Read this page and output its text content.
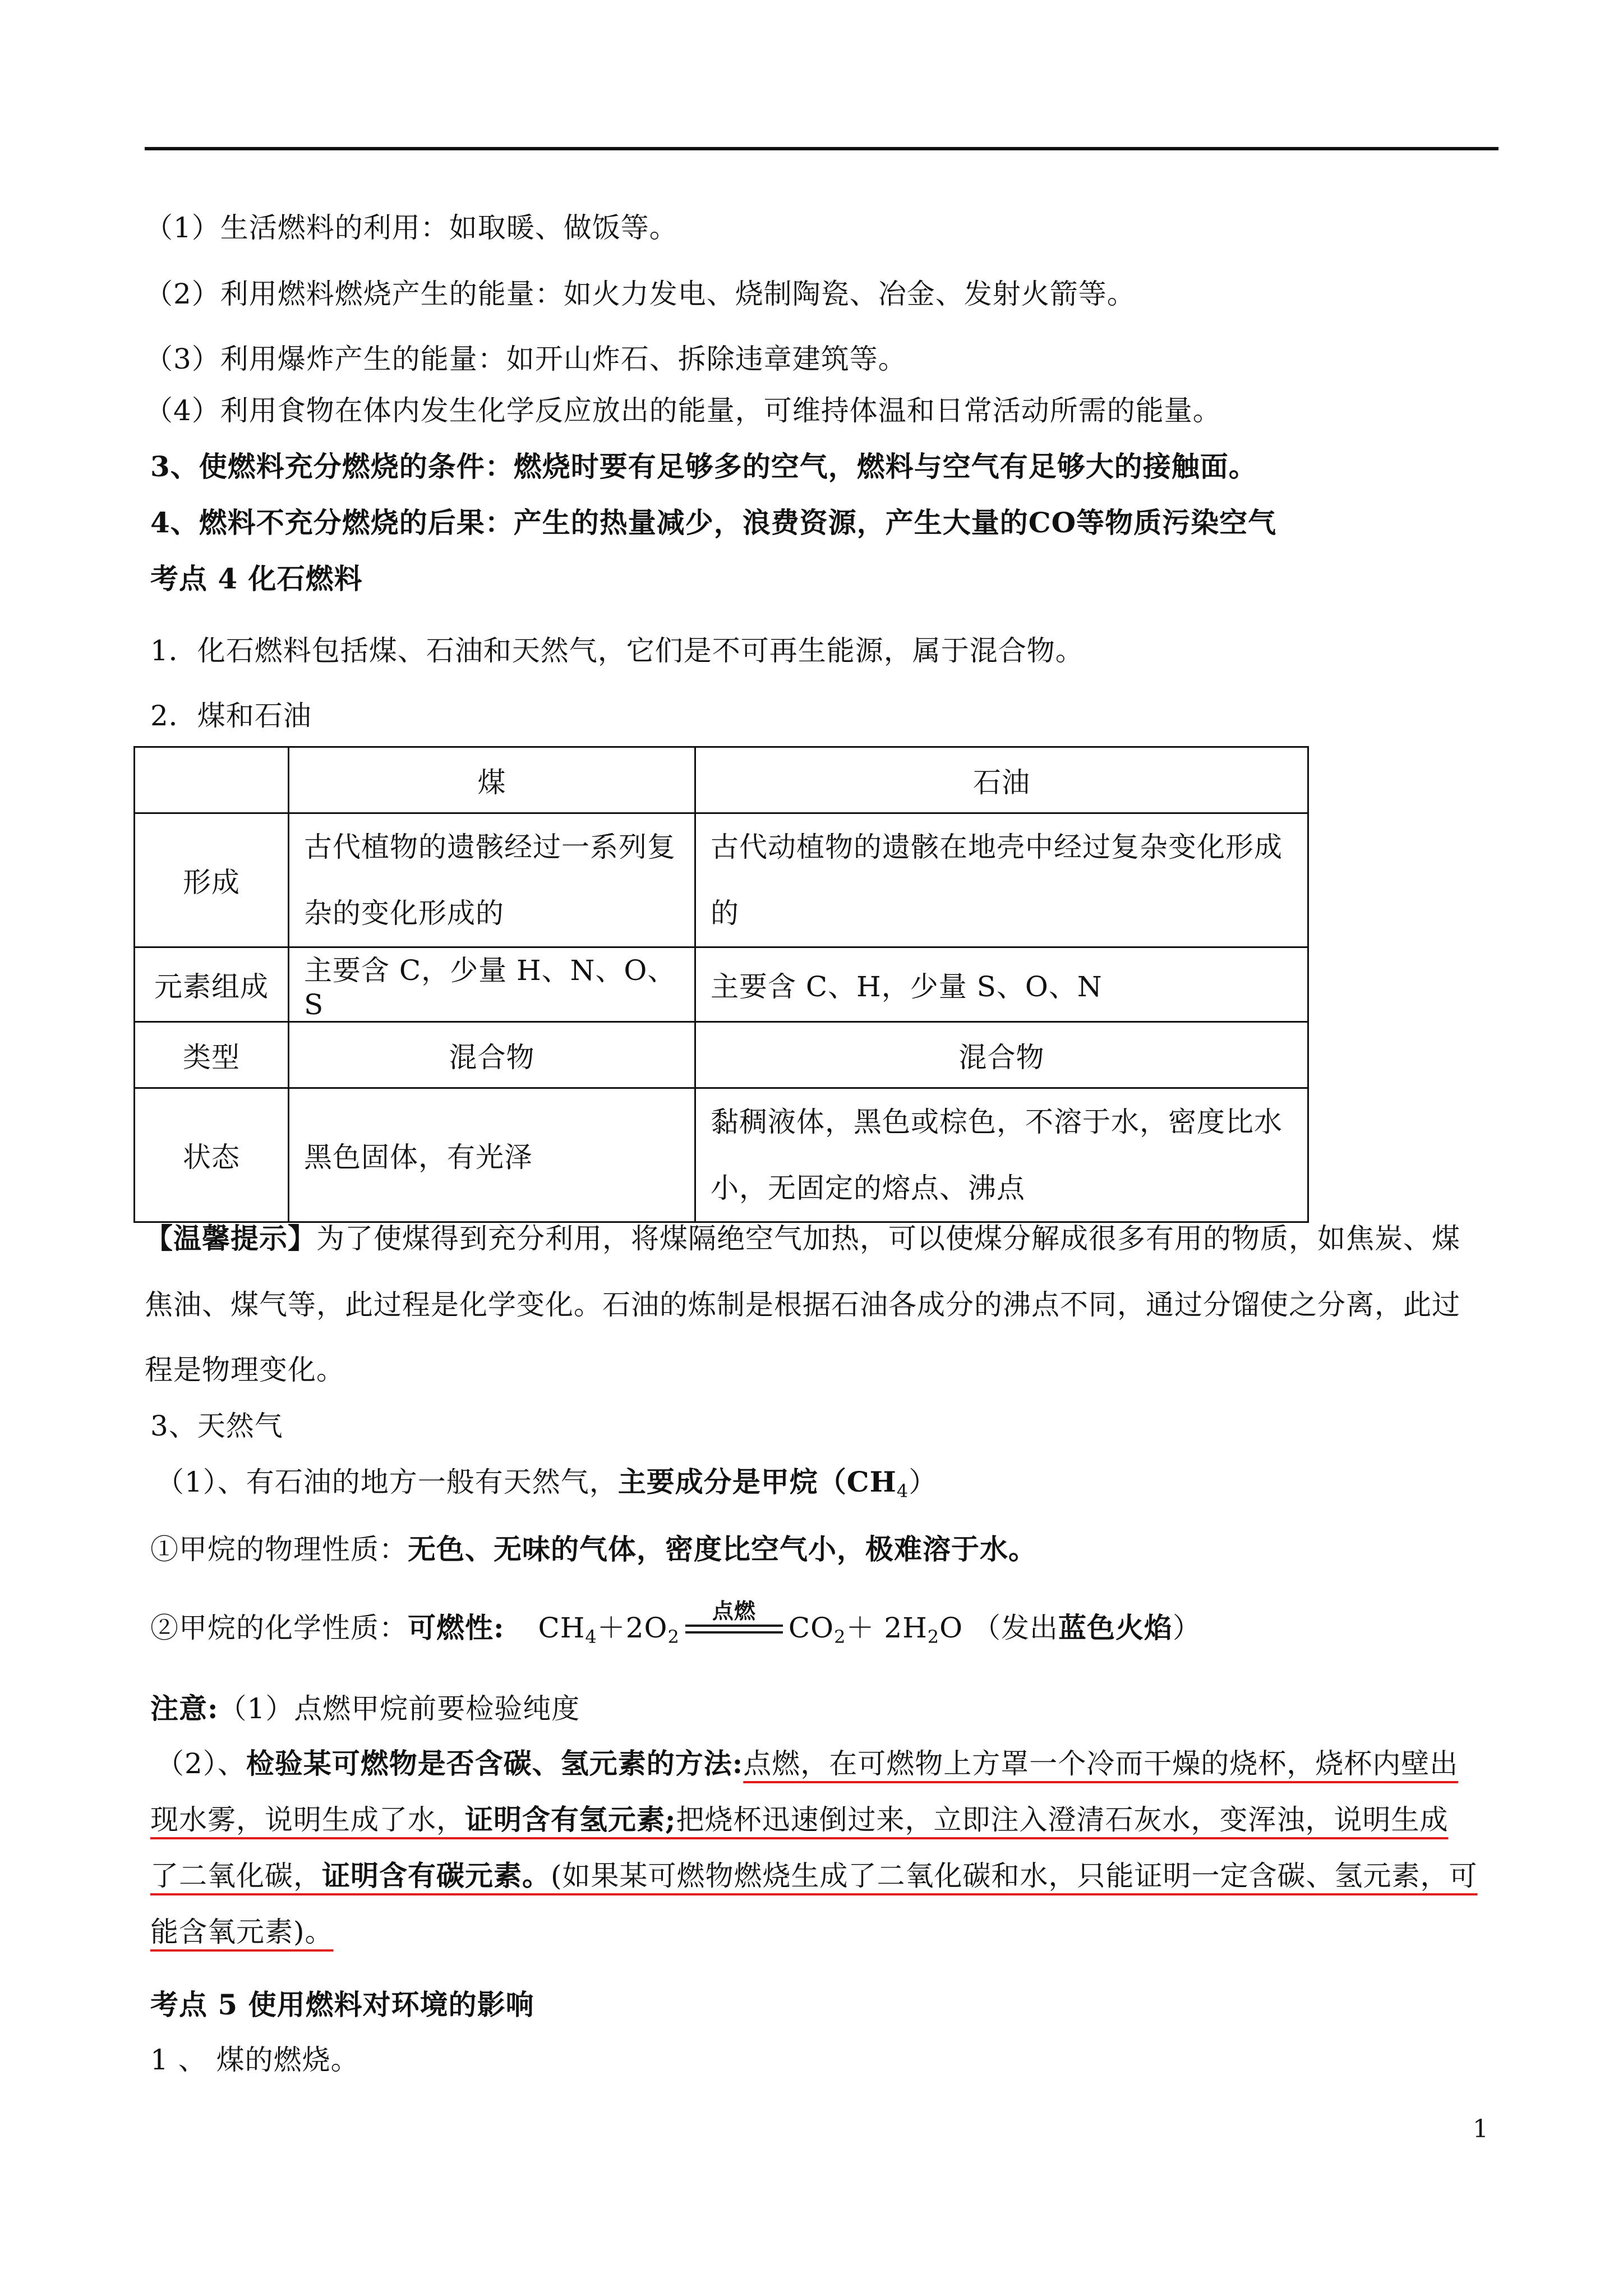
（1）生活燃料的利用：如取暖、做饭等。
（2）利用燃料燃烧产生的能量：如火力发电、烧制陶瓷、冶金、发射火箭等。
（3）利用爆炸产生的能量：如开山炸石、拆除违章建筑等。
（4）利用食物在体内发生化学反应放出的能量，可维持体温和日常活动所需的能量。
3、使燃料充分燃烧的条件：燃烧时要有足够多的空气，燃料与空气有足够大的接触面。
4、燃料不充分燃烧的后果：产生的热量减少，浪费资源，产生大量的CO等物质污染空气
考点 4 化石燃料
1．化石燃料包括煤、石油和天然气，它们是不可再生能源，属于混合物。
2．煤和石油
	煤	石油
形成	古代植物的遗骸经过一系列复杂的变化形成的	古代动植物的遗骸在地壳中经过复杂变化形成的
元素组成	主要含 C，少量 H、N、O、S	主要含 C、H，少量 S、O、N
类型	混合物	混合物
状态	黑色固体，有光泽	黏稠液体，黑色或棕色，不溶于水，密度比水小，无固定的熔点、沸点
【温馨提示】为了使煤得到充分利用，将煤隔绝空气加热，可以使煤分解成很多有用的物质，如焦炭、煤
焦油、煤气等，此过程是化学变化。石油的炼制是根据石油各成分的沸点不同，通过分馏使之分离，此过
程是物理变化。
3、天然气
（1）、有石油的地方一般有天然气，主要成分是甲烷$(CH_4)$
①甲烷的物理性质：无色、无味的气体，密度比空气小，极难溶于水。
②甲烷的化学性质：可燃性: $CH_4+2O_2$
点燃
$CO_2+ 2H_2O$ （发出蓝色火焰）
注意:（1）点燃甲烷前要检验纯度
（2）、检验某可燃物是否含碳、氢元素的方法:点燃，在可燃物上方罩一个冷而干燥的烧杯，烧杯内壁出
现水雾，说明生成了水，证明含有氢元素;把烧杯迅速倒过来，立即注入澄清石灰水，变浑浊，说明生成
了二氧化碳，证明含有碳元素。(如果某可燃物燃烧生成了二氧化碳和水，只能证明一定含碳、氢元素，可
能含氧元素)。
考点 5 使用燃料对环境的影响
1 、 煤的燃烧。
1
